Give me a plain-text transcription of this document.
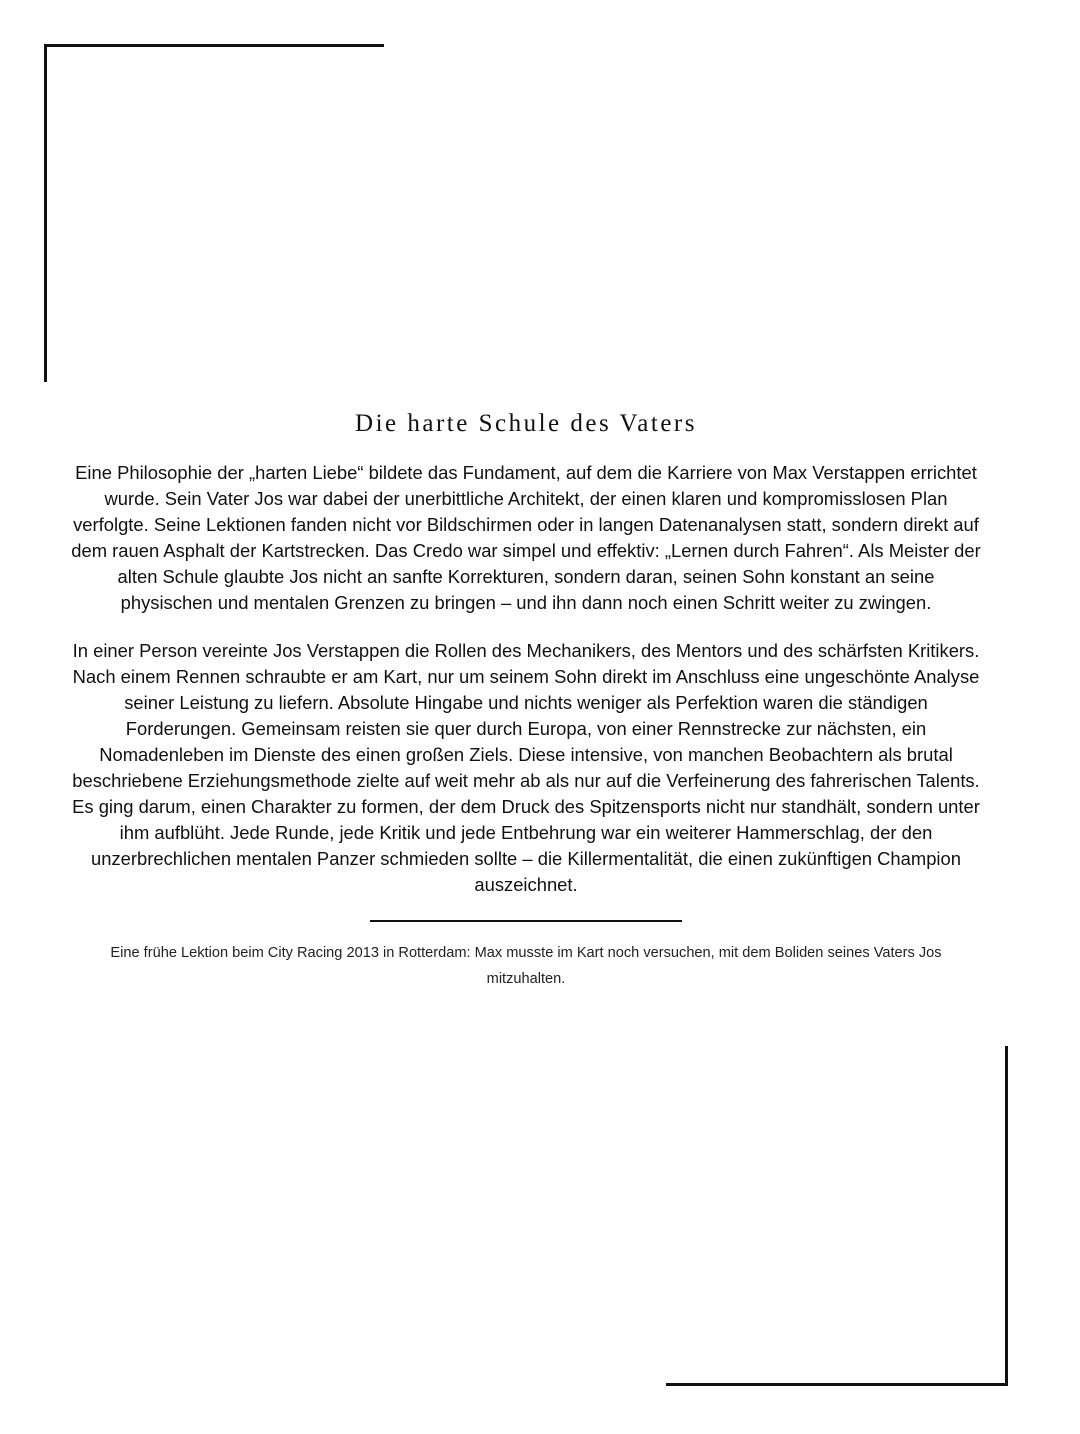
Die harte Schule des Vaters

Eine Philosophie der „harten Liebe“ bildete das Fundament, auf dem die Karriere von Max Verstappen errichtet wurde. Sein Vater Jos war dabei der unerbittliche Architekt, der einen klaren und kompromisslosen Plan verfolgte. Seine Lektionen fanden nicht vor Bildschirmen oder in langen Datenanalysen statt, sondern direkt auf dem rauen Asphalt der Kartstrecken. Das Credo war simpel und effektiv: „Lernen durch Fahren“. Als Meister der alten Schule glaubte Jos nicht an sanfte Korrekturen, sondern daran, seinen Sohn konstant an seine physischen und mentalen Grenzen zu bringen – und ihn dann noch einen Schritt weiter zu zwingen.

In einer Person vereinte Jos Verstappen die Rollen des Mechanikers, des Mentors und des schärfsten Kritikers. Nach einem Rennen schraubte er am Kart, nur um seinem Sohn direkt im Anschluss eine ungeschönte Analyse seiner Leistung zu liefern. Absolute Hingabe und nichts weniger als Perfektion waren die ständigen Forderungen. Gemeinsam reisten sie quer durch Europa, von einer Rennstrecke zur nächsten, ein Nomadenleben im Dienste des einen großen Ziels. Diese intensive, von manchen Beobachtern als brutal beschriebene Erziehungsmethode zielte auf weit mehr ab als nur auf die Verfeinerung des fahrerischen Talents. Es ging darum, einen Charakter zu formen, der dem Druck des Spitzensports nicht nur standhält, sondern unter ihm aufblüht. Jede Runde, jede Kritik und jede Entbehrung war ein weiterer Hammerschlag, der den unzerbrechlichen mentalen Panzer schmieden sollte – die Killermentalität, die einen zukünftigen Champion auszeichnet.

Eine frühe Lektion beim City Racing 2013 in Rotterdam: Max musste im Kart noch versuchen, mit dem Boliden seines Vaters Jos mitzuhalten.
